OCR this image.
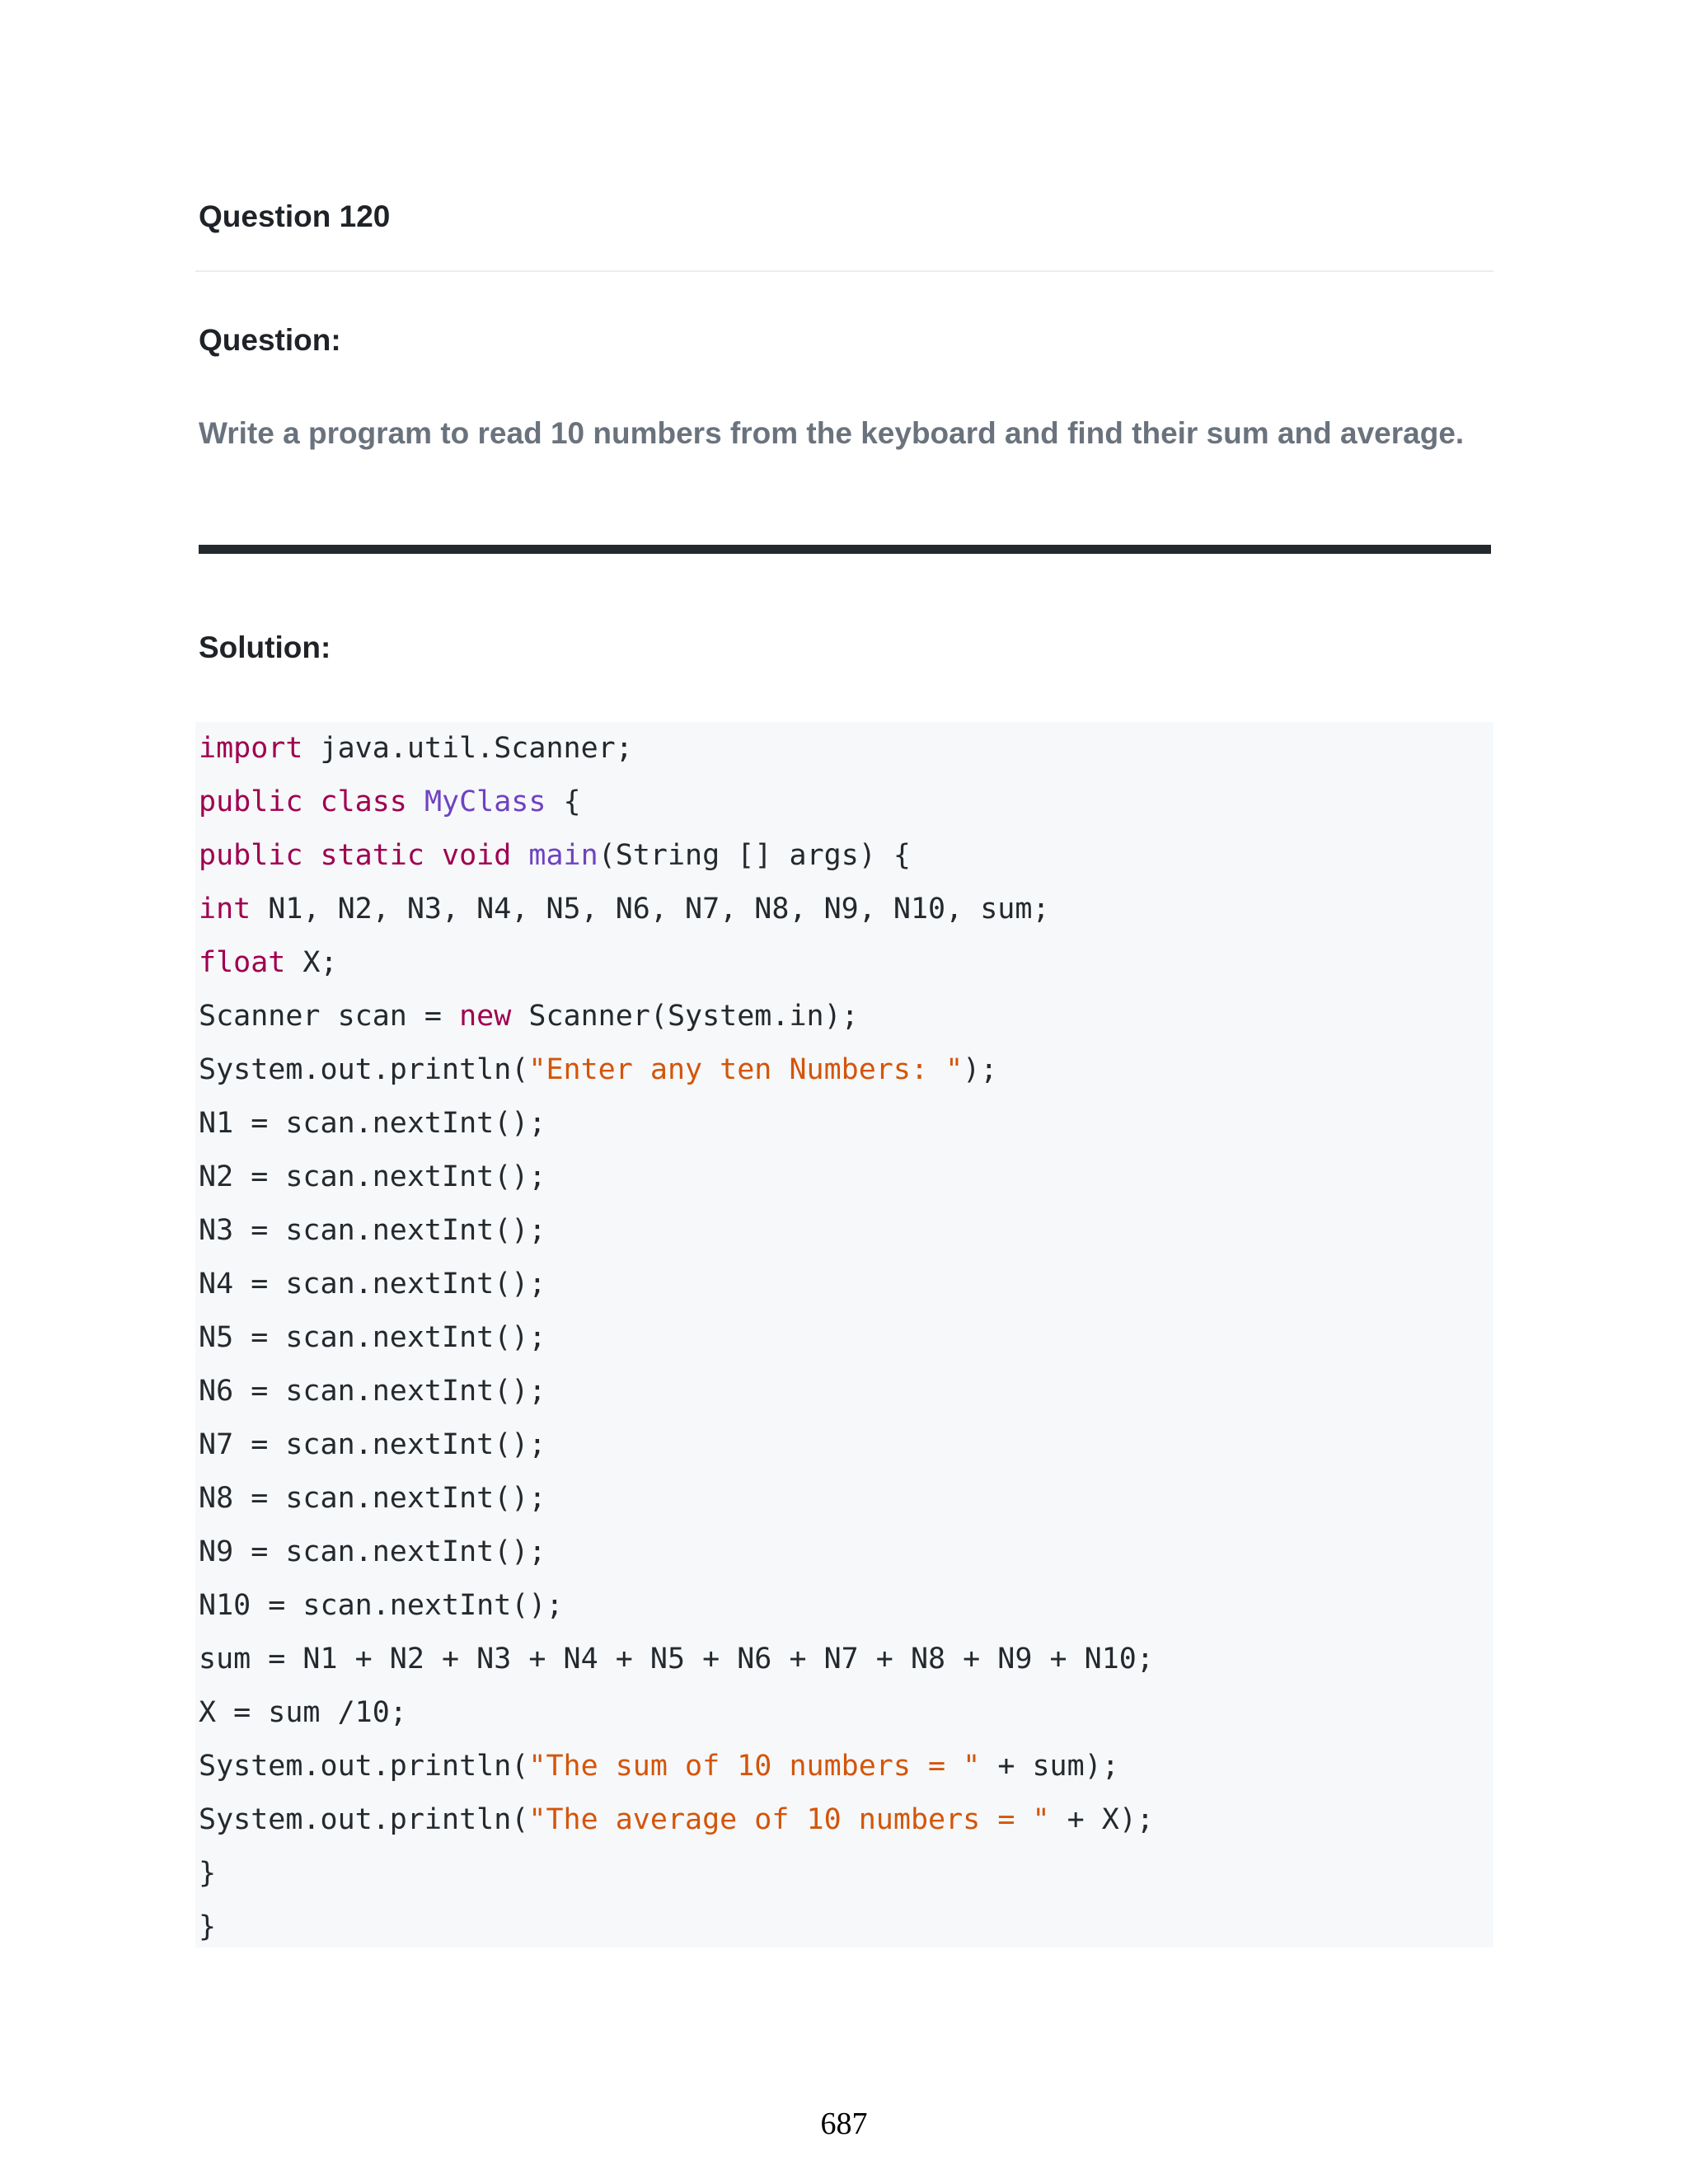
Question 120
Question:
Write a program to read 10 numbers from the keyboard and find their sum and average.
Solution:
import java.util.Scanner;
public class MyClass {
public static void main(String [] args) {
int N1, N2, N3, N4, N5, N6, N7, N8, N9, N10, sum;
float X;
Scanner scan = new Scanner(System.in);
System.out.println("Enter any ten Numbers: ");
N1 = scan.nextInt();
N2 = scan.nextInt();
N3 = scan.nextInt();
N4 = scan.nextInt();
N5 = scan.nextInt();
N6 = scan.nextInt();
N7 = scan.nextInt();
N8 = scan.nextInt();
N9 = scan.nextInt();
N10 = scan.nextInt();
sum = N1 + N2 + N3 + N4 + N5 + N6 + N7 + N8 + N9 + N10;
X = sum /10;
System.out.println("The sum of 10 numbers = " + sum);
System.out.println("The average of 10 numbers = " + X);
}
}
687
